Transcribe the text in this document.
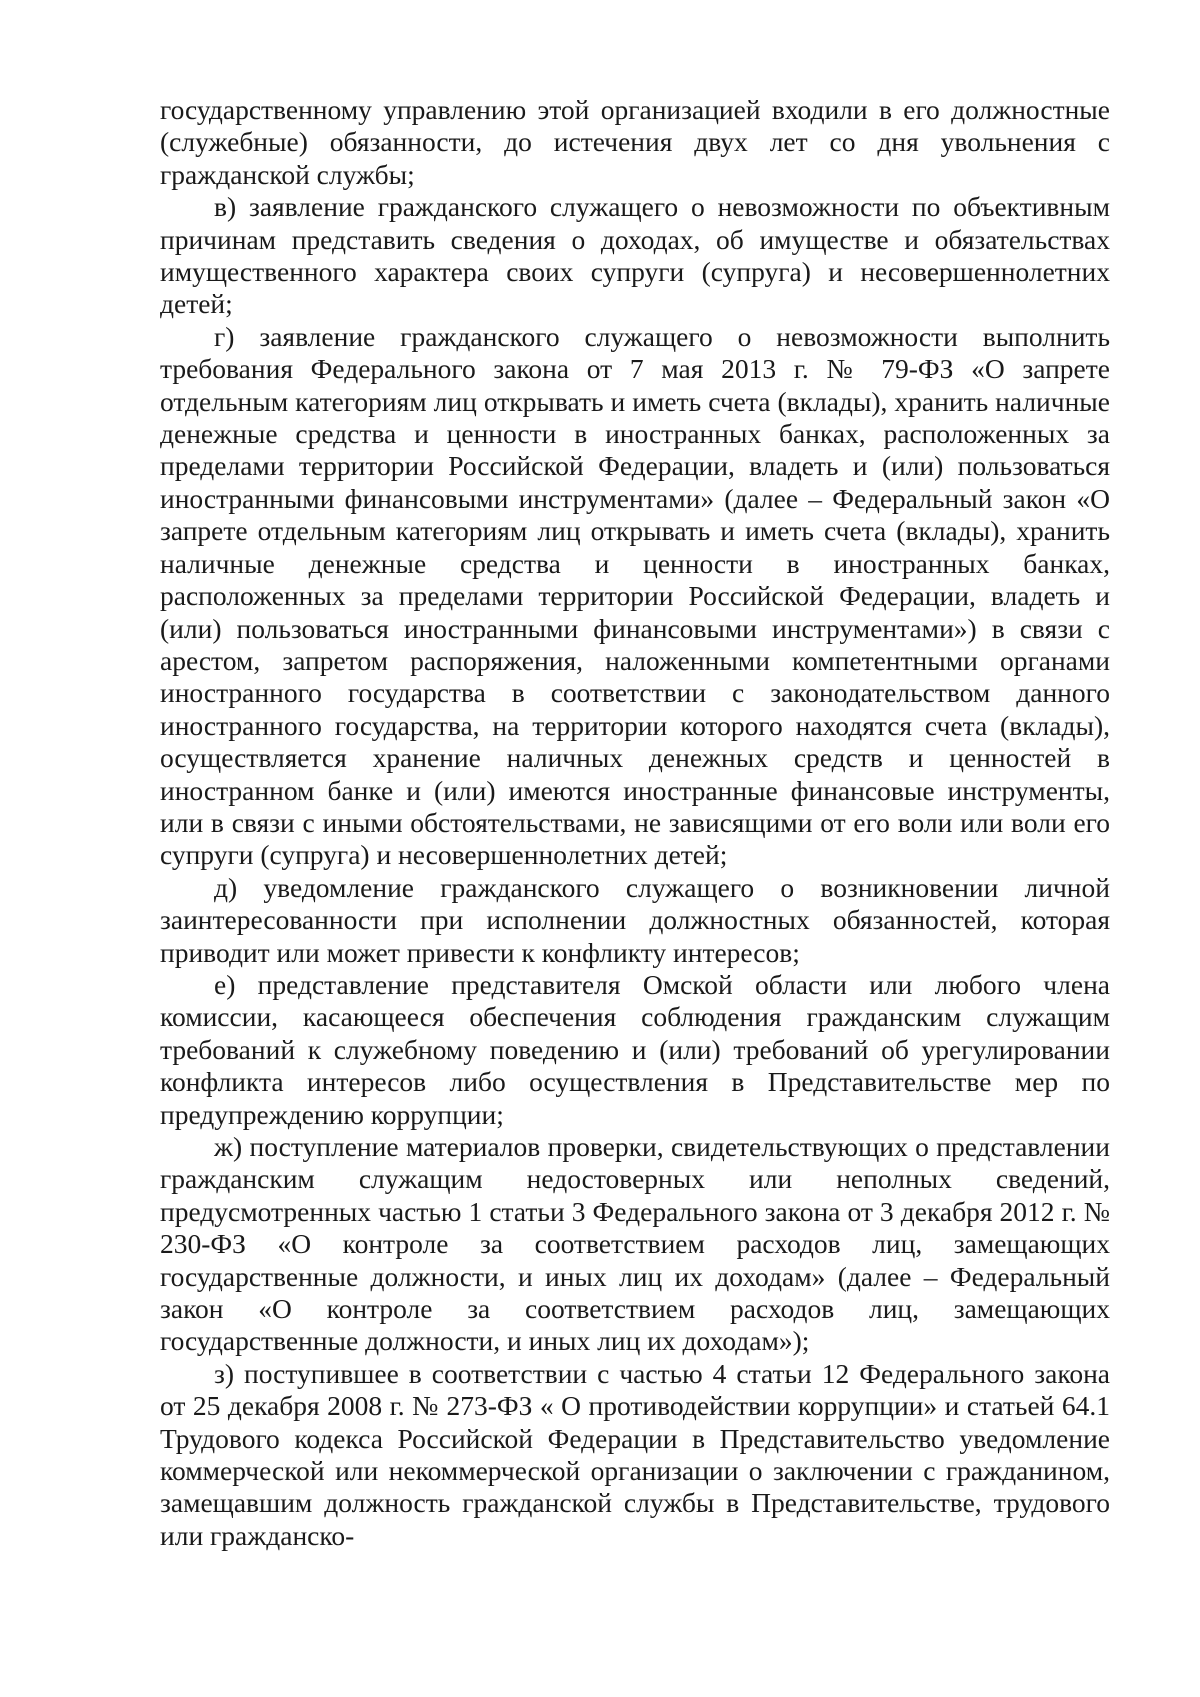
государственному управлению этой организацией входили в его должностные (служебные) обязанности, до истечения двух лет со дня увольнения с гражданской службы;

в) заявление гражданского служащего о невозможности по объективным причинам представить сведения о доходах, об имуществе и обязательствах имущественного характера своих супруги (супруга) и несовершеннолетних детей;

г) заявление гражданского служащего о невозможности выполнить требования Федерального закона от 7 мая 2013 г. № 79-ФЗ «О запрете отдельным категориям лиц открывать и иметь счета (вклады), хранить наличные денежные средства и ценности в иностранных банках, расположенных за пределами территории Российской Федерации, владеть и (или) пользоваться иностранными финансовыми инструментами» (далее – Федеральный закон «О запрете отдельным категориям лиц открывать и иметь счета (вклады), хранить наличные денежные средства и ценности в иностранных банках, расположенных за пределами территории Российской Федерации, владеть и (или) пользоваться иностранными финансовыми инструментами») в связи с арестом, запретом распоряжения, наложенными компетентными органами иностранного государства в соответствии с законодательством данного иностранного государства, на территории которого находятся счета (вклады), осуществляется хранение наличных денежных средств и ценностей в иностранном банке и (или) имеются иностранные финансовые инструменты, или в связи с иными обстоятельствами, не зависящими от его воли или воли его супруги (супруга) и несовершеннолетних детей;

д) уведомление гражданского служащего о возникновении личной заинтересованности при исполнении должностных обязанностей, которая приводит или может привести к конфликту интересов;

е) представление представителя Омской области или любого члена комиссии, касающееся обеспечения соблюдения гражданским служащим требований к служебному поведению и (или) требований об урегулировании конфликта интересов либо осуществления в Представительстве мер по предупреждению коррупции;

ж) поступление материалов проверки, свидетельствующих о представлении гражданским служащим недостоверных или неполных сведений, предусмотренных частью 1 статьи 3 Федерального закона от 3 декабря 2012 г. № 230-ФЗ «О контроле за соответствием расходов лиц, замещающих государственные должности, и иных лиц их доходам» (далее – Федеральный закон «О контроле за соответствием расходов лиц, замещающих государственные должности, и иных лиц их доходам»);

з) поступившее в соответствии с частью 4 статьи 12 Федерального закона от 25 декабря 2008 г. № 273-ФЗ « О противодействии коррупции» и статьей 64.1 Трудового кодекса Российской Федерации в Представительство уведомление коммерческой или некоммерческой организации о заключении с гражданином, замещавшим должность гражданской службы в Представительстве, трудового или гражданско-
